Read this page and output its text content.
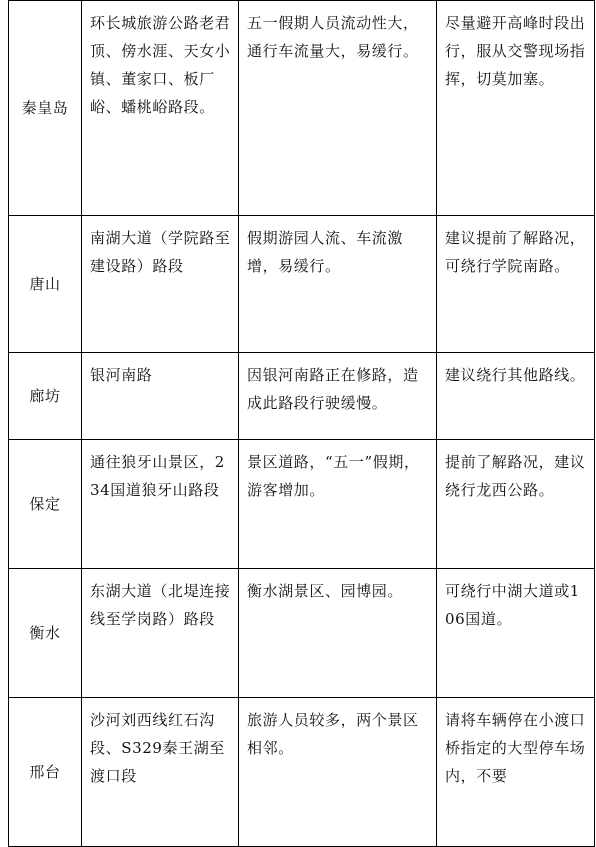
秦皇岛	环长城旅游公路老君顶、傍水涯、天女小镇、董家口、板厂峪、蟠桃峪路段。	五一假期人员流动性大，通行车流量大，易缓行。	尽量避开高峰时段出行，服从交警现场指挥，切莫加塞。
唐山	南湖大道（学院路至建设路）路段	假期游园人流、车流激增，易缓行。	建议提前了解路况，可绕行学院南路。
廊坊	银河南路	因银河南路正在修路，造成此路段行驶缓慢。	建议绕行其他路线。
保定	通往狼牙山景区，234国道狼牙山路段	景区道路，“五一”假期，游客增加。	提前了解路况，建议绕行龙西公路。
衡水	东湖大道（北堤连接线至学岗路）路段	衡水湖景区、园博园。	可绕行中湖大道或106国道。
邢台	沙河刘西线红石沟段、S329秦王湖至渡口段	旅游人员较多，两个景区相邻。	请将车辆停在小渡口桥指定的大型停车场内，不要
